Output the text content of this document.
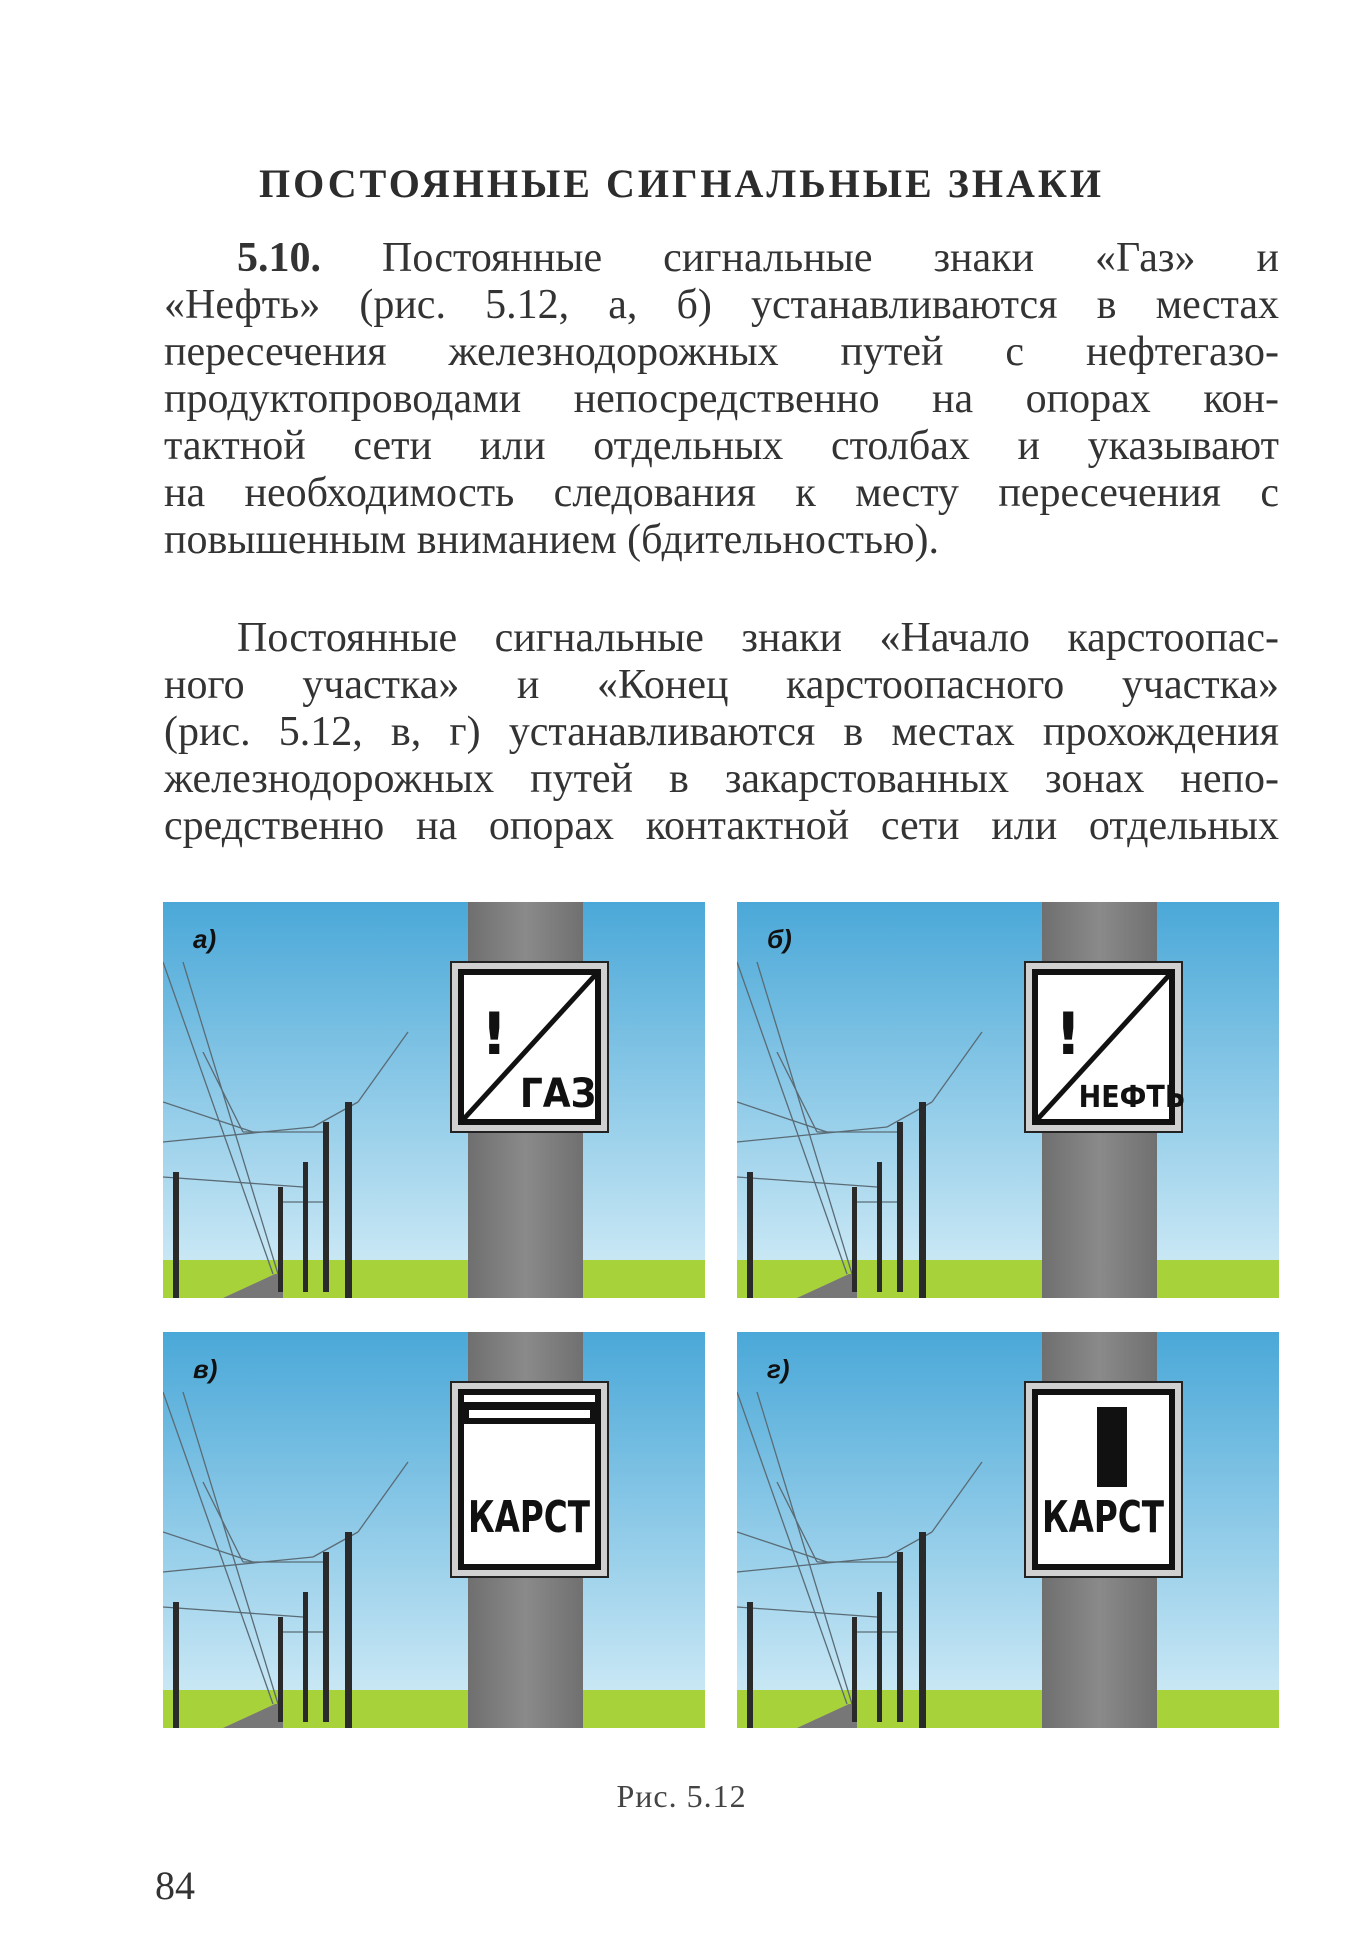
ПОСТОЯННЫЕ СИГНАЛЬНЫЕ ЗНАКИ
5.10. Постоянные сигнальные знаки «Газ» и
«Нефть» (рис. 5.12, а, б) устанавливаются в местах
пересечения железнодорожных путей с нефтегазо-
продуктопроводами непосредственно на опорах кон-
тактной сети или отдельных столбах и указывают
на необходимость следования к месту пересечения с
повышенным вниманием (бдительностью).
Постоянные сигнальные знаки «Начало карстоопас-
ного участка» и «Конец карстоопасного участка»
(рис. 5.12, в, г) устанавливаются в местах прохождения
железнодорожных путей в закарстованных зонах непо-
средственно на опорах контактной сети или отдельных
!
ГАЗ
а)
!
НЕФТЬ
б)
КАРСТ
в)
КАРСТ
г)
Рис. 5.12
84
